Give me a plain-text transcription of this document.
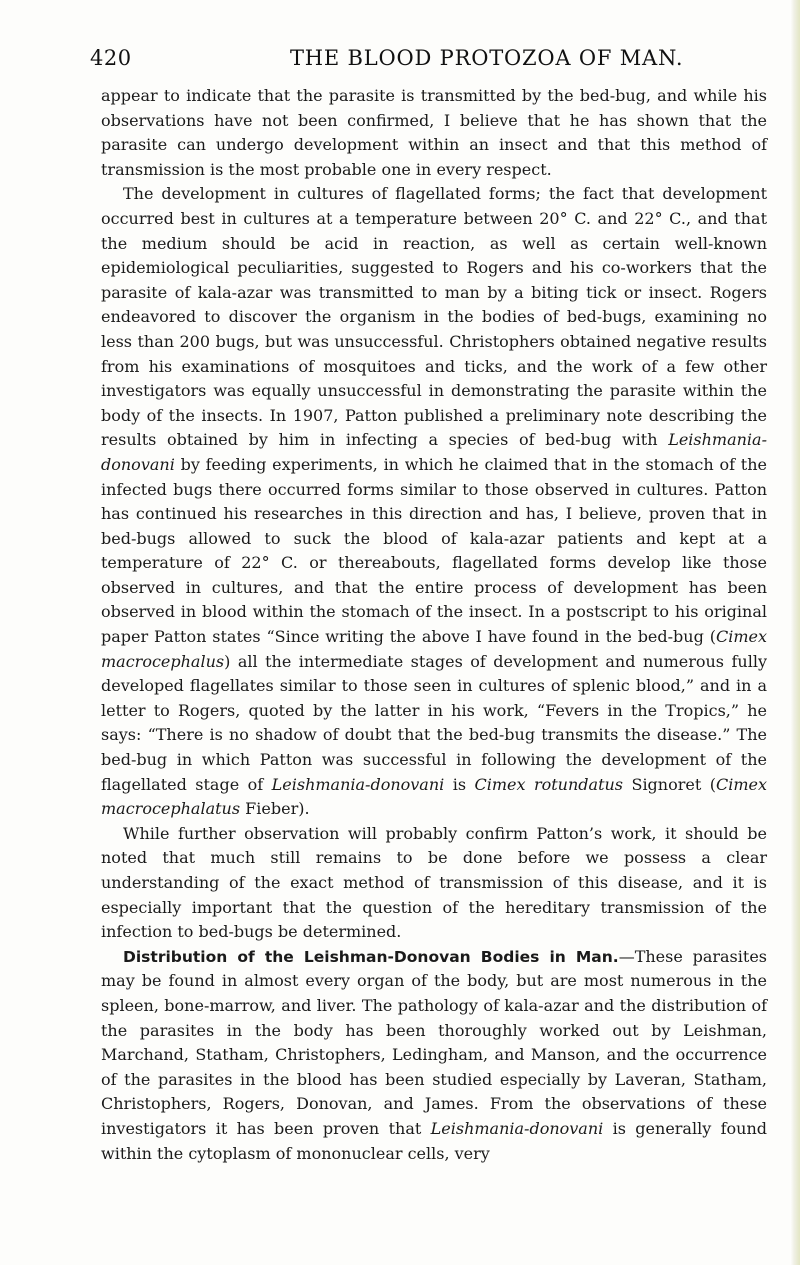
420	THE BLOOD PROTOZOA OF MAN.

appear to indicate that the parasite is transmitted by the bed-bug, and while his observations have not been confirmed, I believe that he has shown that the parasite can undergo development within an insect and that this method of transmission is the most probable one in every respect.

The development in cultures of flagellated forms; the fact that development occurred best in cultures at a temperature between 20° C. and 22° C., and that the medium should be acid in reaction, as well as certain well-known epidemiological peculiarities, suggested to Rogers and his co-workers that the parasite of kala-azar was transmitted to man by a biting tick or insect. Rogers endeavored to discover the organism in the bodies of bed-bugs, examining no less than 200 bugs, but was unsuccessful. Christophers obtained negative results from his examinations of mosquitoes and ticks, and the work of a few other investigators was equally unsuccessful in demonstrating the parasite within the body of the insects. In 1907, Patton published a preliminary note describing the results obtained by him in infecting a species of bed-bug with Leishmania-donovani by feeding experiments, in which he claimed that in the stomach of the infected bugs there occurred forms similar to those observed in cultures. Patton has continued his researches in this direction and has, I believe, proven that in bed-bugs allowed to suck the blood of kala-azar patients and kept at a temperature of 22° C. or thereabouts, flagellated forms develop like those observed in cultures, and that the entire process of development has been observed in blood within the stomach of the insect. In a postscript to his original paper Patton states “Since writing the above I have found in the bed-bug (Cimex macrocephalus) all the intermediate stages of development and numerous fully developed flagellates similar to those seen in cultures of splenic blood,” and in a letter to Rogers, quoted by the latter in his work, “Fevers in the Tropics,” he says: “There is no shadow of doubt that the bed-bug transmits the disease.” The bed-bug in which Patton was successful in following the development of the flagellated stage of Leishmania-donovani is Cimex rotundatus Signoret (Cimex macrocephalatus Fieber).

While further observation will probably confirm Patton’s work, it should be noted that much still remains to be done before we possess a clear understanding of the exact method of transmission of this disease, and it is especially important that the question of the hereditary transmission of the infection to bed-bugs be determined.

Distribution of the Leishman-Donovan Bodies in Man.—These parasites may be found in almost every organ of the body, but are most numerous in the spleen, bone-marrow, and liver. The pathology of kala-azar and the distribution of the parasites in the body has been thoroughly worked out by Leishman, Marchand, Statham, Christophers, Ledingham, and Manson, and the occurrence of the parasites in the blood has been studied especially by Laveran, Statham, Christophers, Rogers, Donovan, and James. From the observations of these investigators it has been proven that Leishmania-donovani is generally found within the cytoplasm of mononuclear cells, very
